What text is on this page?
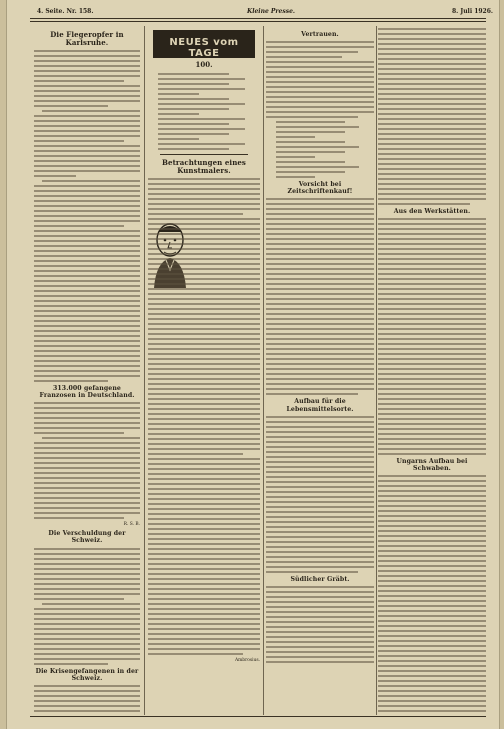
4. Seite. Nr. 158.	Kleine Presse.	8. Juli 1926.
Die Flegeropfer in Karlsruhe.
313.000 gefangene Franzosen in Deutschland.
R. S. B.
Die Verschuldung der Schweiz.
Die Krisengefangenen in der Schweiz.
NEUES vom TAGE
100.
Betrachtungen eines Kunstmalers.
Ambrosius.
Vertrauen.
Vorsicht bei Zeitschriftenkauf!
Aufbau für die Lebensmittelsorte.
Südlicher Gräbt.
Aus den Werkstätten.
Ungarns Aufbau bei Schwaben.
